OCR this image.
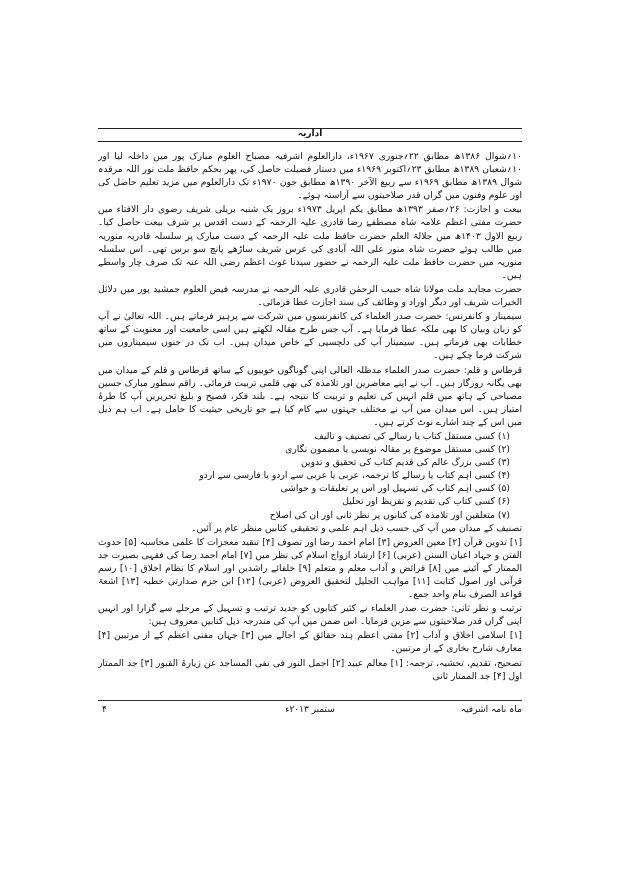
اداریہ

۱۰؍شوال ۱۳۸۶ھ مطابق ۲۲؍جنوری ۱۹۶۷ء، دارالعلوم اشرفیہ مصباح العلوم مبارک پور میں داخلہ لیا اور ۱۰؍شعبان ۱۳۸۹ھ مطابق ۲۳؍اکتوبر ۱۹۶۹ء میں دستار فضیلت حاصل کی، پھر بحکم حافظ ملت نور اللہ مرقدہ شوال ۱۳۸۹ھ مطابق ۱۹۶۹ء سے ربیع الآخر ۱۳۹۰ھ مطابق جون ۱۹۷۰ء تک دارالعلوم میں مزید تعلیم حاصل کی اور علوم وفنون میں گراں قدر صلاحیتوں سے آراستہ ہوئے۔

بیعت و اجازت: ۲۶؍صفر ۱۳۹۳ھ مطابق یکم اپریل ۱۹۷۳ء بروز یک شنبہ بریلی شریف رضوی دار الافتاء میں حضرت مفتی اعظم علامہ شاہ مصطفےٰ رضا قادری علیہ الرحمہ کے دست اقدس پر شرف بیعت حاصل کیا۔ ربیع الاول ۱۴۰۳ھ میں جلالۃ العلم حضرت حافظ ملت علیہ الرحمہ کے دست مبارک پر سلسلہ قادریہ منوریہ میں طالب ہوئے حضرت شاہ منور علی اللہ آبادی کی عرس شریف ساڑھے پانچ سو برس تھی۔ اس سلسلہ منوریہ میں حضرت حافظ ملت علیہ الرحمہ نے حضور سیدنا غوث اعظم رضی اللہ عنہ تک صرف چار واسطے ہیں۔

حضرت مجاہد ملت مولانا شاہ حبیب الرحمٰن قادری علیہ الرحمہ نے مدرسہ فیض العلوم جمشید پور میں دلائل الخیرات شریف اور دیگر اوراد و وظائف کی سند اجازت عطا فرمائی۔

سیمینار و کانفرنس: حضرت صدر العلماء کی کانفرنسوں میں شرکت سے پرہیز فرماتے ہیں۔ اللہ تعالیٰ نے آپ کو زبان وبیان کا بھی ملکہ عطا فرمایا ہے۔ آپ جس طرح مقالہ لکھتے ہیں اسی جامعیت اور معنویت کے ساتھ خطابات بھی فرماتے ہیں۔ سیمینار آپ کی دلچسپی کے خاص میدان ہیں۔ اب تک در جنوں سیمیناروں میں شرکت فرما چکے ہیں۔

قرطاس و قلم: حضرت صدر العلماء مدظلہ العالی اپنی گوناگوں خوبیوں کے ساتھ قرطاس و قلم کے میدان میں بھی یگانہ روزگار ہیں۔ آپ نے اپنے معاصرین اور تلامذہ کی بھی قلمی تربیت فرمائی۔ راقم سطور مبارک حسین مصباحی کے ہاتھ میں قلم انہیں کی تعلیم و تربیت کا نتیجہ ہے۔ بلند فکر، فصیح و بلیغ تحریریں آپ کا طرۂ امتیاز ہیں۔ اس میدان میں آپ نے مختلف جہتوں سے کام کیا ہے جو تاریخی حیثیت کا حامل ہے۔ اب ہم ذیل میں اس کے چند اشارے نوٹ کرتے ہیں۔

(۱) کسی مستقل کتاب یا رسالے کی تصنیف و تالیف
(۲) کسی مستقل موضوع پر مقالہ نویسی یا مضمون نگاری
(۳) کسی بزرگ عالم کی قدیم کتاب کی تحقیق و تدوین
(۴) کسی اہم کتاب یا رسالے کا ترجمہ، عربی یا عربی سے اردو یا فارسی سے اردو
(۵) کسی اہم کتاب کی تسہیل اور اس پر تعلیقات و حواشی
(۶) کسی کتاب کی تقدیم و تقریظ اور تحلیل
(۷) متعلقین اور تلامذہ کی کتابوں پر نظر ثانی اور ان کی اصلاح

تصنیف کے میدان میں آپ کی حسب ذیل اہم علمی و تحقیقی کتابیں منظر عام پر آئیں۔

[۱] تدوین قرآن [۲] معین العروض [۳] امام احمد رضا اور تصوف [۴] تنقید معجزات کا علمی محاسبہ [۵] حدوث الفتن و جہاد اعیان السنن (عربی) [۶] ارشاد ازواج اسلام کی نظر میں [۷] امام احمد رضا کی فقہی بصیرت جد الممتار کے آئینے میں [۸] فرائض و آداب معلم و متعلم [۹] خلفائے راشدین اور اسلام کا نظام اخلاق [۱۰] رسم قرآنی اور اصول کتابت [۱۱] مواہب الجلیل لتحقیق العروض (عربی) [۱۲] ابن حزم صدارتی خطبہ [۱۳] اشعۃ قواعد الصرف بنام واحد جمع۔

ترتیب و نظر ثانی: حضرت صدر العلماء نے کثیر کتابوں کو جدید ترتیب و تسہیل کے مرحلے سے گزارا اور انہیں اپنی گراں قدر صلاحیتوں سے مزین فرمایا۔ اس ضمن میں آپ کی مندرجہ ذیل کتابیں معروف ہیں:

[۱] اسلامی اخلاق و آداب [۲] مفتی اعظم ہند حقائق کے اجالے میں [۳] جہان مفتی اعظم کے از مرتبین [۴] معارف شارح بخاری کے از مرتبین۔

تصحیح، تقدیم، تحشیہ، ترجمہ: [۱] معالم عبید [۲] اجمل النور فی نفی المساجد عن زیارۃ القبور [۳] جد الممتار اول [۴] جد الممتار ثانی

ماہ نامہ اشرفیہ
ستمبر ۲۰۱۳ء
۴
